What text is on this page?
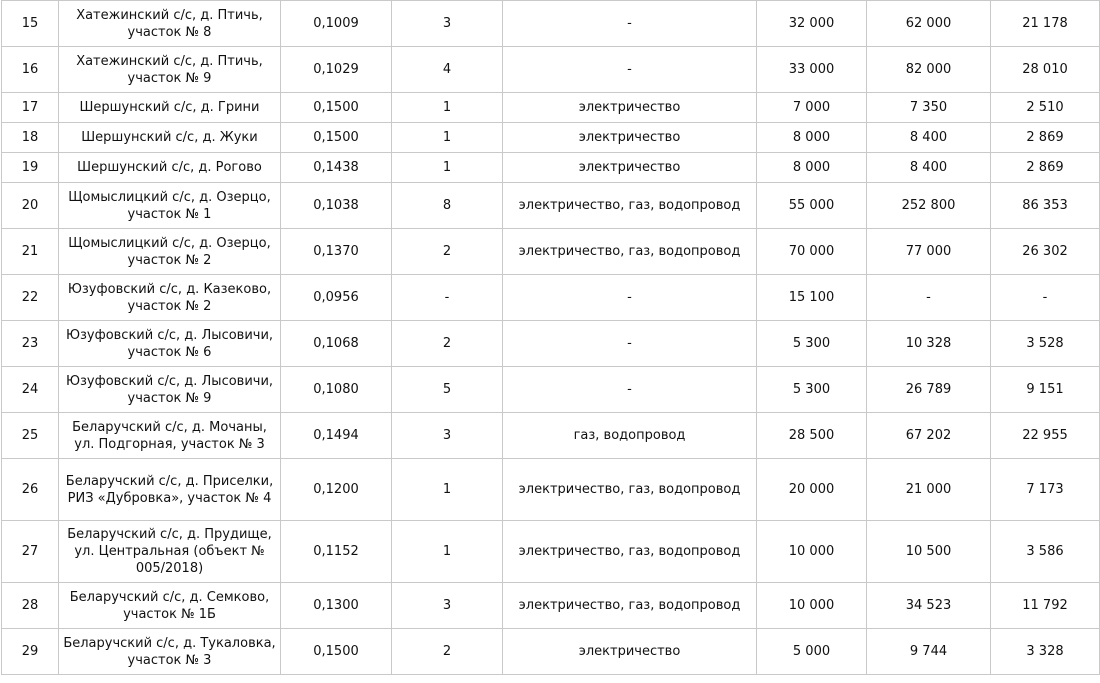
15	Хатежинский с/с, д. Птичь, участок № 8	0,1009	3	-	32 000	62 000	21 178
16	Хатежинский с/с, д. Птичь, участок № 9	0,1029	4	-	33 000	82 000	28 010
17	Шершунский с/с, д. Грини	0,1500	1	электричество	7 000	7 350	2 510
18	Шершунский с/с, д. Жуки	0,1500	1	электричество	8 000	8 400	2 869
19	Шершунский с/с, д. Рогово	0,1438	1	электричество	8 000	8 400	2 869
20	Щомыслицкий с/с, д. Озерцо, участок № 1	0,1038	8	электричество, газ, водопровод	55 000	252 800	86 353
21	Щомыслицкий с/с, д. Озерцо, участок № 2	0,1370	2	электричество, газ, водопровод	70 000	77 000	26 302
22	Юзуфовский с/с, д. Казеково, участок № 2	0,0956	-	-	15 100	-	-
23	Юзуфовский с/с, д. Лысовичи, участок № 6	0,1068	2	-	5 300	10 328	3 528
24	Юзуфовский с/с, д. Лысовичи, участок № 9	0,1080	5	-	5 300	26 789	9 151
25	Беларучский с/с, д. Мочаны, ул. Подгорная, участок № 3	0,1494	3	газ, водопровод	28 500	67 202	22 955
26	Беларучский с/с, д. Приселки, РИЗ «Дубровка», участок № 4	0,1200	1	электричество, газ, водопровод	20 000	21 000	7 173
27	Беларучский с/с, д. Прудище, ул. Центральная (объект № 005/2018)	0,1152	1	электричество, газ, водопровод	10 000	10 500	3 586
28	Беларучский с/с, д. Семково, участок № 1Б	0,1300	3	электричество, газ, водопровод	10 000	34 523	11 792
29	Беларучский с/с, д. Тукаловка, участок № 3	0,1500	2	электричество	5 000	9 744	3 328
